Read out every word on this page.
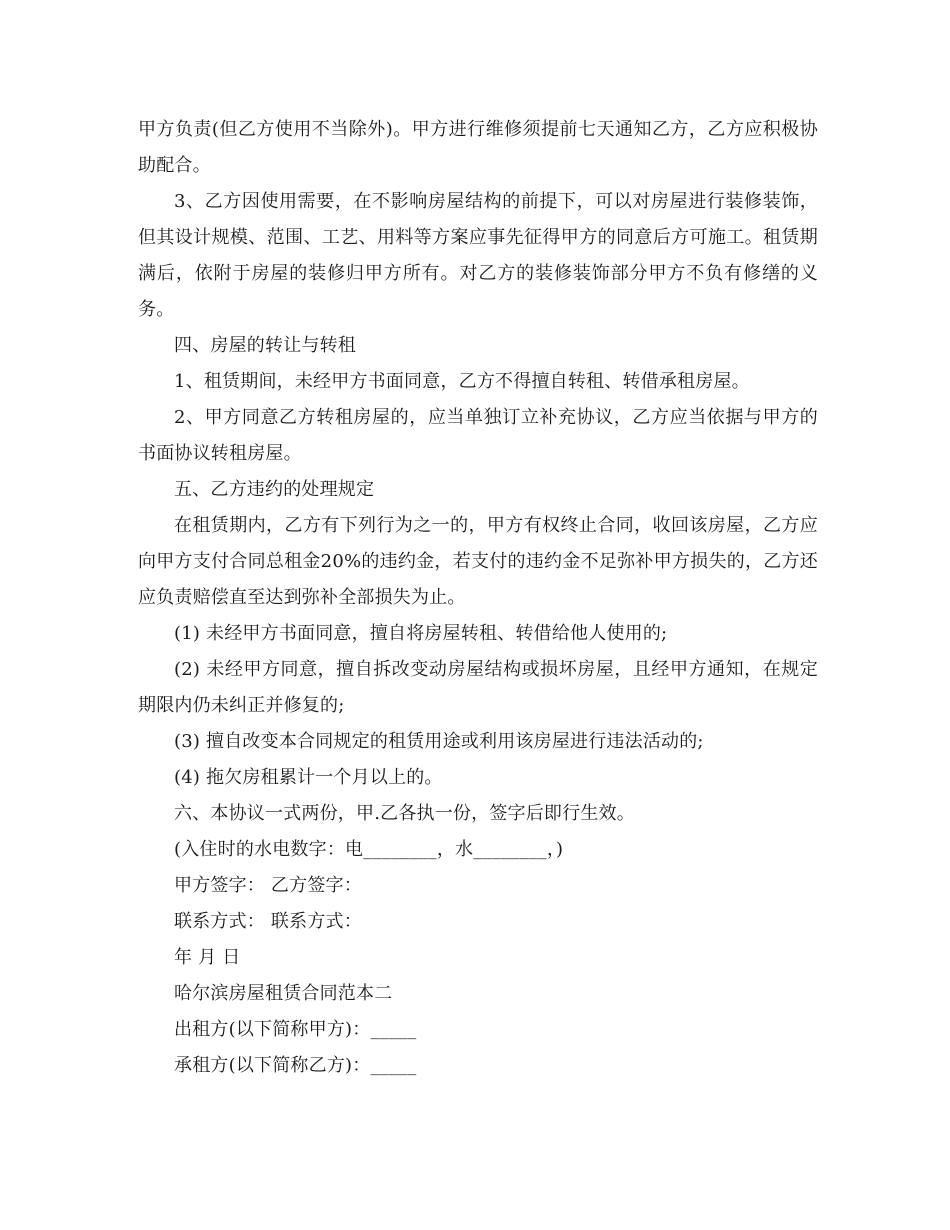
甲方负责(但乙方使用不当除外)。甲方进行维修须提前七天通知乙方，乙方应积极协助配合。

3、乙方因使用需要，在不影响房屋结构的前提下，可以对房屋进行装修装饰，但其设计规模、范围、工艺、用料等方案应事先征得甲方的同意后方可施工。租赁期满后，依附于房屋的装修归甲方所有。对乙方的装修装饰部分甲方不负有修缮的义务。

四、房屋的转让与转租

1、租赁期间，未经甲方书面同意，乙方不得擅自转租、转借承租房屋。

2、甲方同意乙方转租房屋的，应当单独订立补充协议，乙方应当依据与甲方的书面协议转租房屋。

五、乙方违约的处理规定

在租赁期内，乙方有下列行为之一的，甲方有权终止合同，收回该房屋，乙方应向甲方支付合同总租金20%的违约金，若支付的违约金不足弥补甲方损失的，乙方还应负责赔偿直至达到弥补全部损失为止。

(1) 未经甲方书面同意，擅自将房屋转租、转借给他人使用的;

(2) 未经甲方同意，擅自拆改变动房屋结构或损坏房屋，且经甲方通知，在规定期限内仍未纠正并修复的;

(3) 擅自改变本合同规定的租赁用途或利用该房屋进行违法活动的;

(4) 拖欠房租累计一个月以上的。

六、本协议一式两份，甲.乙各执一份，签字后即行生效。

(入住时的水电数字：电________，水________，)

甲方签字： 乙方签字：

联系方式： 联系方式：

年 月 日

哈尔滨房屋租赁合同范本二

出租方(以下简称甲方)：_____

承租方(以下简称乙方)：_____
